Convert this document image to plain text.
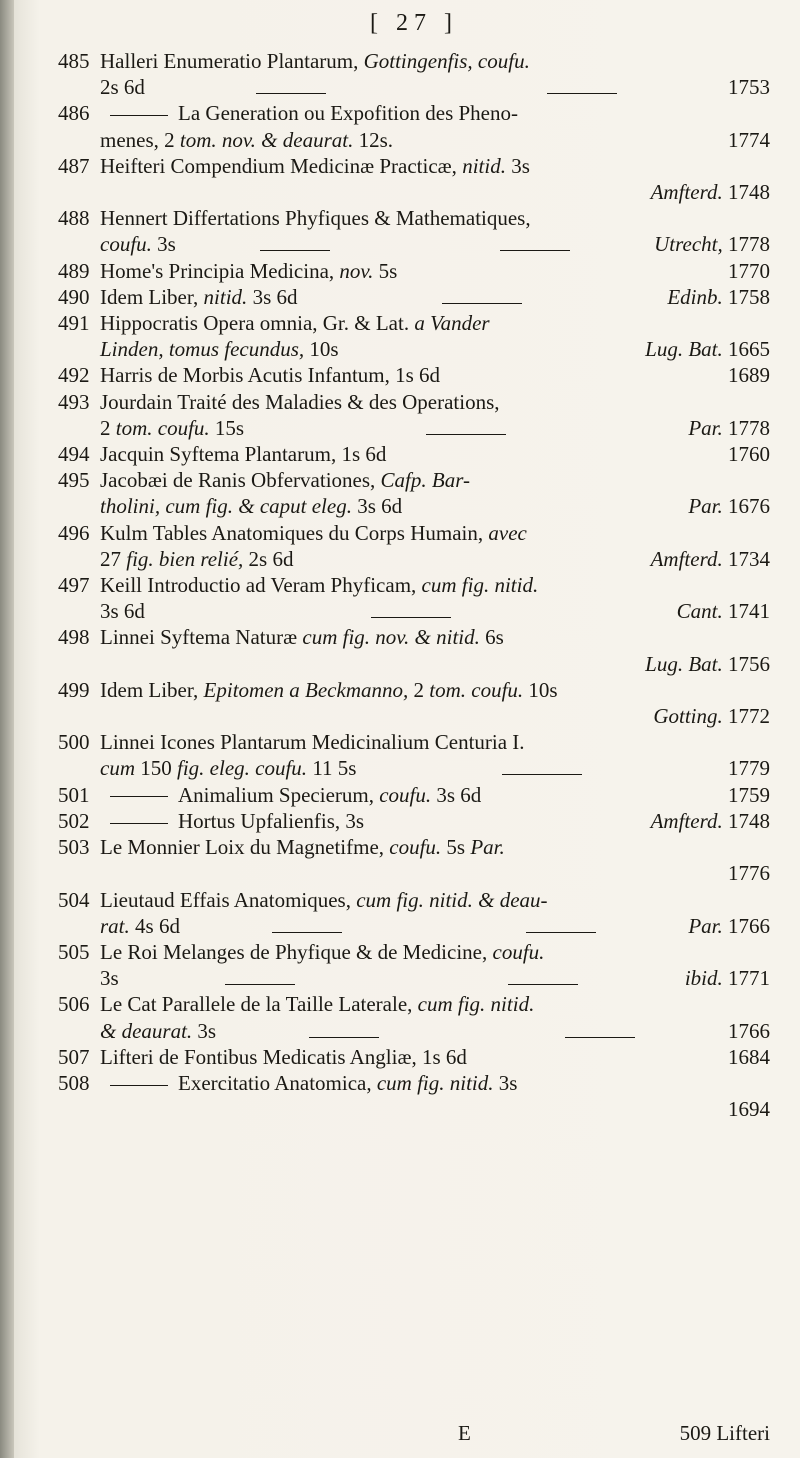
[ 27 ]
485 Halleri Enumeratio Plantarum, Gottingenfis, coufu.
2s 6d	1753
486	La Generation ou Expofition des Pheno-
menes, 2 tom. nov. & deaurat. 12s.	1774
487 Heifteri Compendium Medicinæ Practicæ, nitid. 3s
Amfterd. 1748
488 Hennert Differtations Phyfiques & Mathematiques,
coufu. 3s	Utrecht, 1778
489 Home's Principia Medicina, nov. 5s	1770
490 Idem Liber, nitid. 3s 6d	Edinb. 1758
491 Hippocratis Opera omnia, Gr. & Lat. a Vander
Linden, tomus fecundus, 10s	Lug. Bat. 1665
492 Harris de Morbis Acutis Infantum, 1s 6d	1689
493 Jourdain Traité des Maladies & des Operations,
2 tom. coufu. 15s	Par. 1778
494 Jacquin Syftema Plantarum, 1s 6d	1760
495 Jacobæi de Ranis Obfervationes, Cafp. Bar-
tholini, cum fig. & caput eleg. 3s 6d	Par. 1676
496 Kulm Tables Anatomiques du Corps Humain, avec
27 fig. bien relié, 2s 6d	Amfterd. 1734
497 Keill Introductio ad Veram Phyficam, cum fig. nitid.
3s 6d	Cant. 1741
498 Linnei Syftema Naturæ cum fig. nov. & nitid. 6s
Lug. Bat. 1756
499 Idem Liber, Epitomen a Beckmanno, 2 tom. coufu. 10s
Gotting. 1772
500 Linnei Icones Plantarum Medicinalium Centuria I.
cum 150 fig. eleg. coufu. 11 5s	1779
501	Animalium Specierum, coufu. 3s 6d	1759
502	Hortus Upfalienfis, 3s	Amfterd. 1748
503 Le Monnier Loix du Magnetifme, coufu. 5s Par.
1776
504 Lieutaud Effais Anatomiques, cum fig. nitid. & deau-
rat. 4s 6d	Par. 1766
505 Le Roi Melanges de Phyfique & de Medicine, coufu.
3s	ibid. 1771
506 Le Cat Parallele de la Taille Laterale, cum fig. nitid.
& deaurat. 3s	1766
507 Lifteri de Fontibus Medicatis Angliæ, 1s 6d	1684
508	Exercitatio Anatomica, cum fig. nitid. 3s
1694
E	509 Lifteri
